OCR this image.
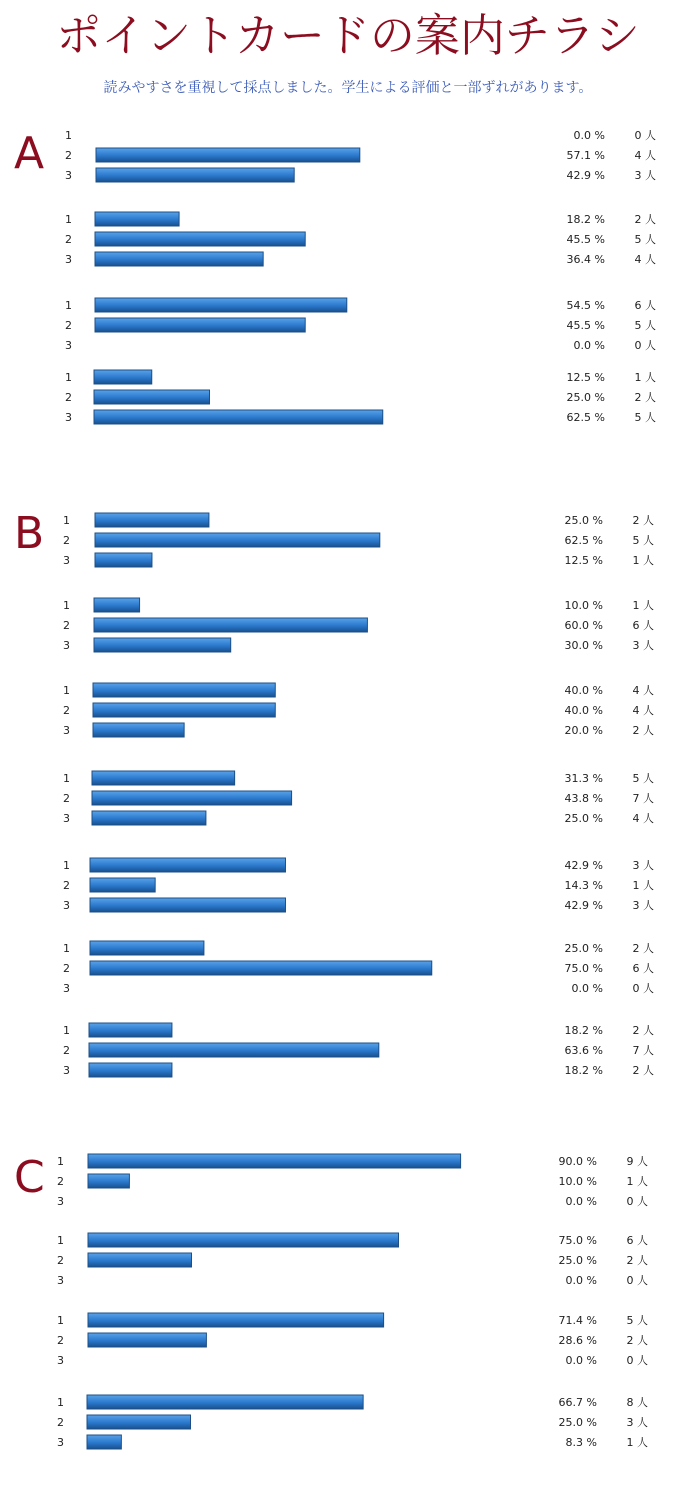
ポイントカードの案内チラシ
読みやすさを重視して採点しました。学生による評価と一部ずれがあります。
A 1	0.0 %	0 人
2	57.1 %	4 人
3	42.9 %	3 人
1	18.2 %	2 人
2	45.5 %	5 人
3	36.4 %	4 人
1	54.5 %	6 人
2	45.5 %	5 人
3	0.0 %	0 人
1	12.5 %	1 人
2	25.0 %	2 人
3	62.5 %	5 人
B 1	25.0 %	2 人
2	62.5 %	5 人
3	12.5 %	1 人
1	10.0 %	1 人
2	60.0 %	6 人
3	30.0 %	3 人
1	40.0 %	4 人
2	40.0 %	4 人
3	20.0 %	2 人
1	31.3 %	5 人
2	43.8 %	7 人
3	25.0 %	4 人
1	42.9 %	3 人
2	14.3 %	1 人
3	42.9 %	3 人
1	25.0 %	2 人
2	75.0 %	6 人
3	0.0 %	0 人
1	18.2 %	2 人
2	63.6 %	7 人
3	18.2 %	2 人
C 1	90.0 %	9 人
2	10.0 %	1 人
3	0.0 %	0 人
1	75.0 %	6 人
2	25.0 %	2 人
3	0.0 %	0 人
1	71.4 %	5 人
2	28.6 %	2 人
3	0.0 %	0 人
1	66.7 %	8 人
2	25.0 %	3 人
3	8.3 %	1 人
